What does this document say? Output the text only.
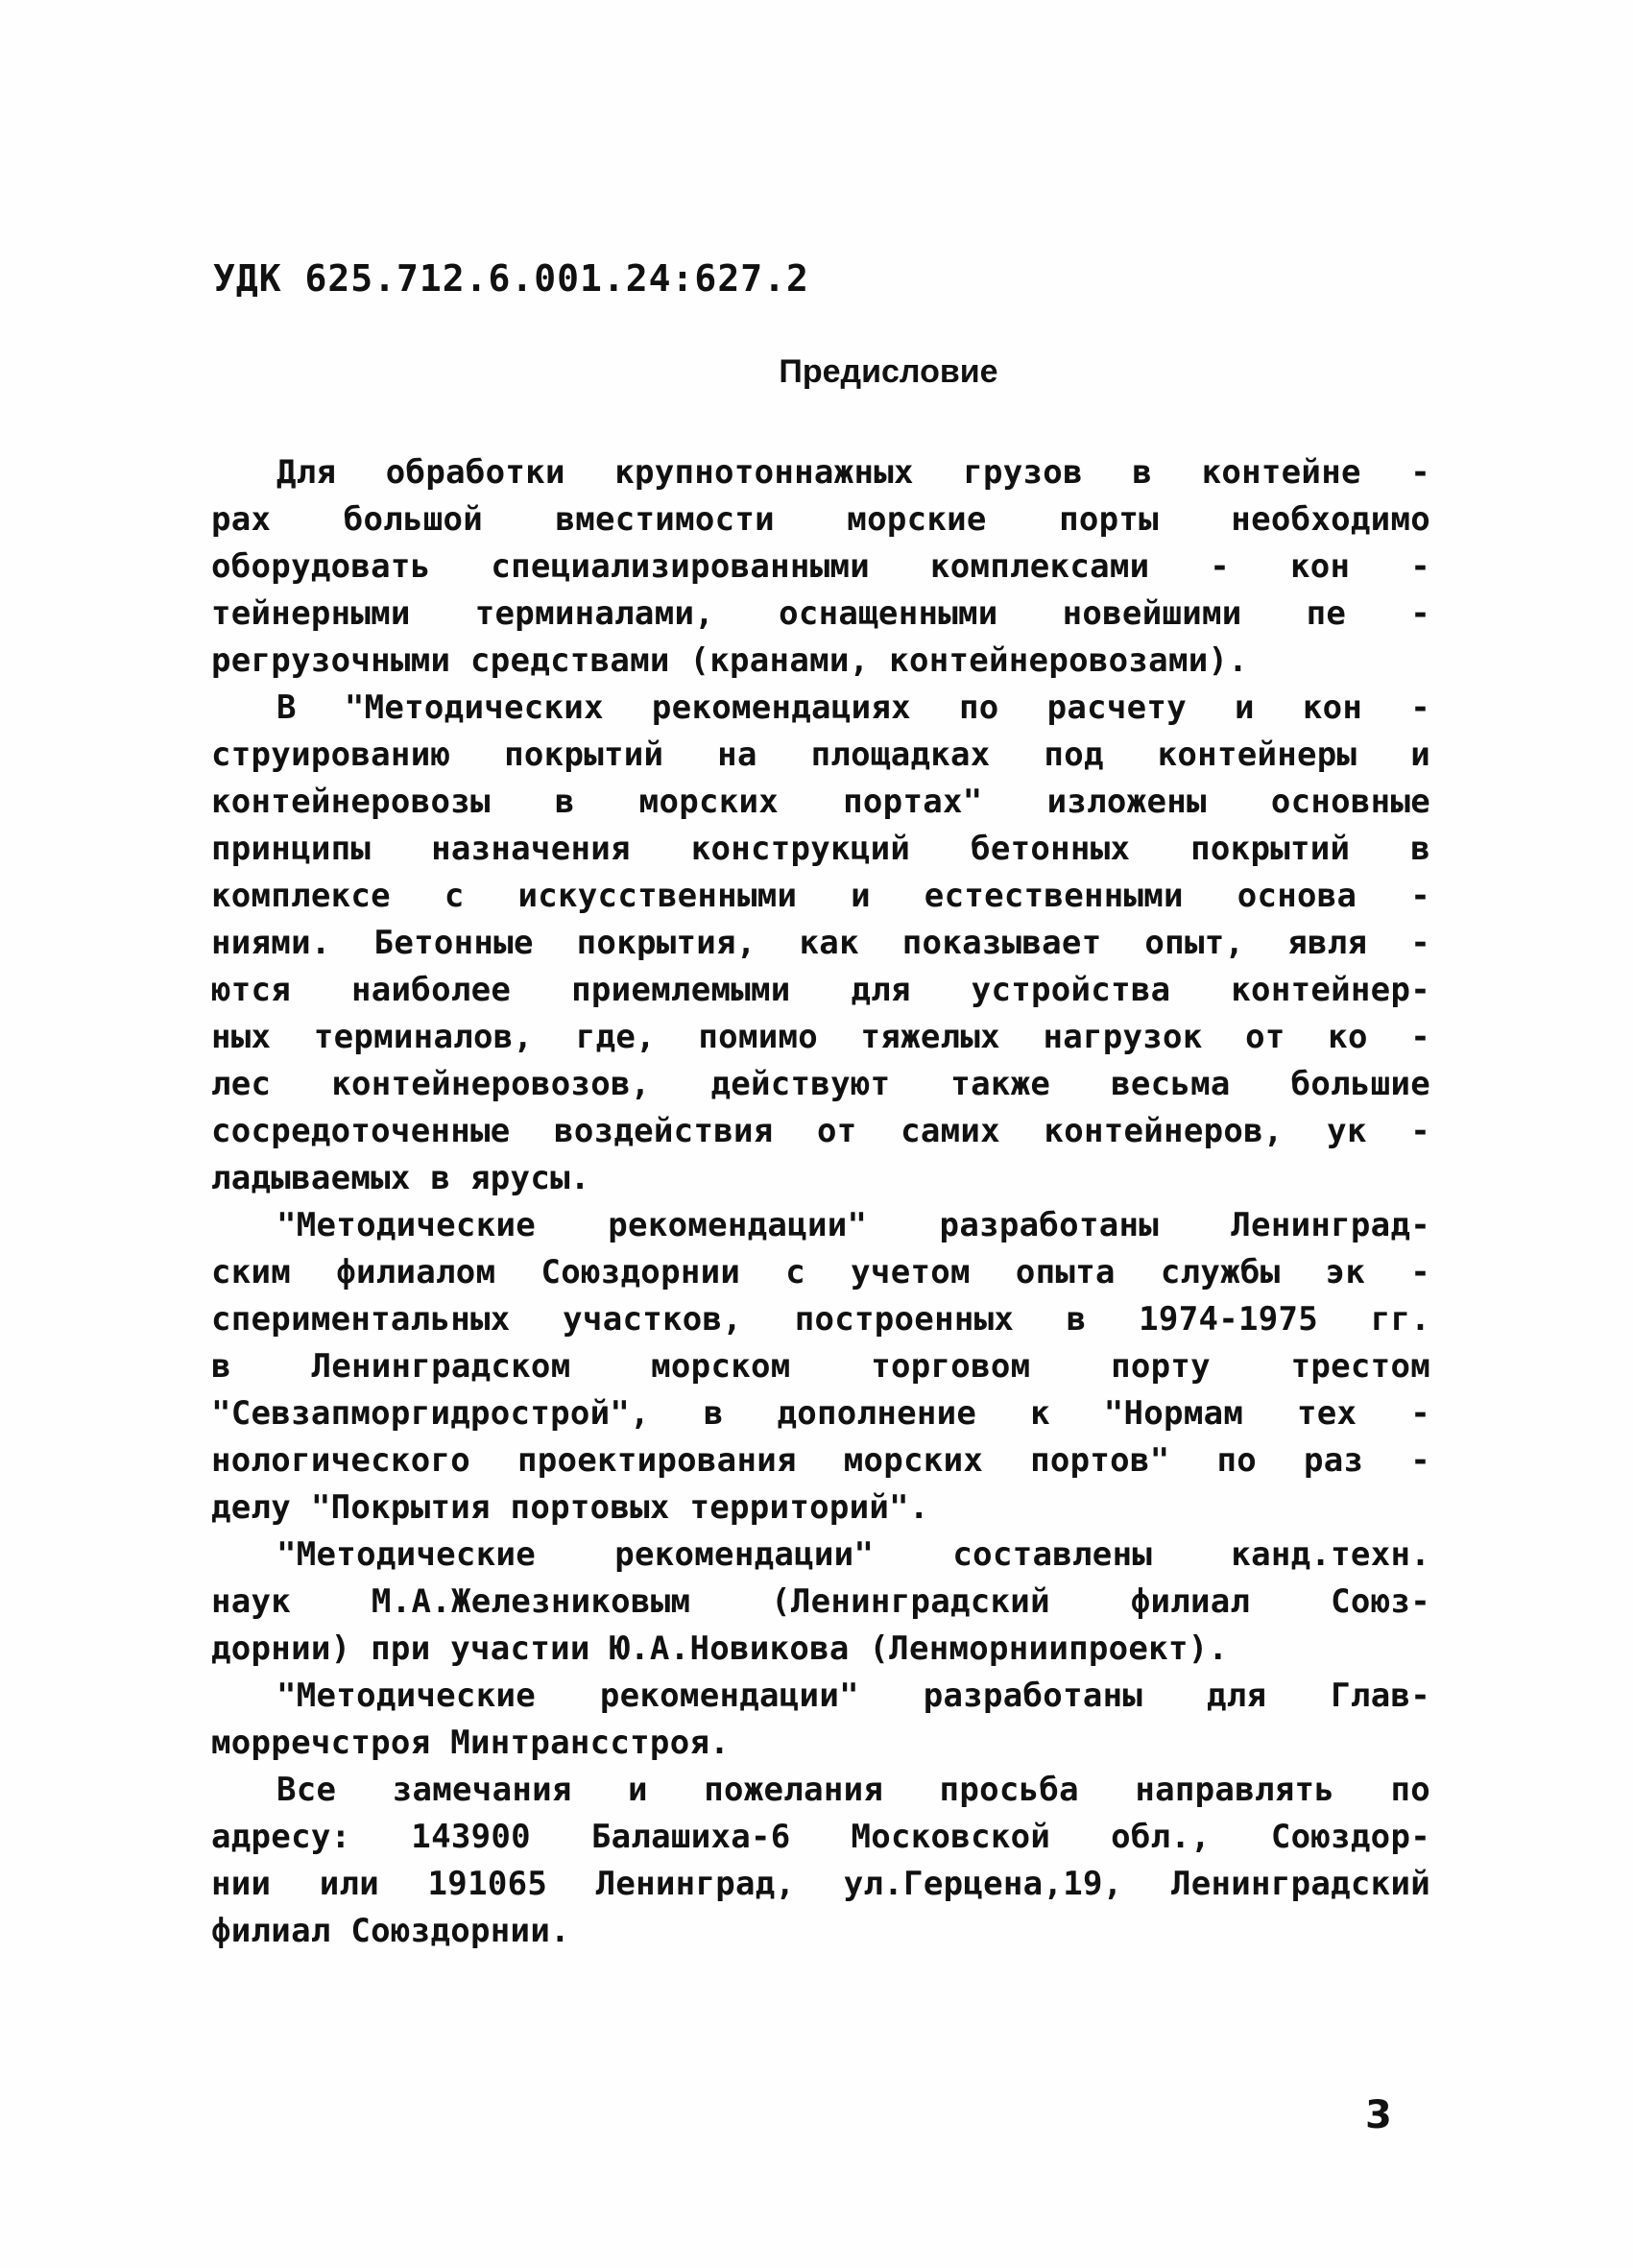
УДК 625.712.6.001.24:627.2
Предисловие
Для обработки крупнотоннажных грузов в контейне -
рах большой вместимости морские порты необходимо
оборудовать специализированными комплексами - кон -
тейнерными терминалами, оснащенными новейшими пе -
регрузочными средствами (кранами, контейнеровозами).
В "Методических рекомендациях по расчету и кон -
струированию покрытий на площадках под контейнеры и
контейнеровозы в морских портах" изложены основные
принципы назначения конструкций бетонных покрытий в
комплексе с искусственными и естественными основа -
ниями. Бетонные покрытия, как показывает опыт, явля -
ются наиболее приемлемыми для устройства контейнер-
ных терминалов, где, помимо тяжелых нагрузок от ко -
лес контейнеровозов, действуют также весьма большие
сосредоточенные воздействия от самих контейнеров, ук -
ладываемых в ярусы.
"Методические рекомендации" разработаны Ленинград-
ским филиалом Союздорнии с учетом опыта службы эк -
спериментальных участков, построенных в 1974-1975 гг.
в Ленинградском морском торговом порту трестом
"Севзапморгидрострой", в дополнение к "Нормам тех -
нологического проектирования морских портов" по раз -
делу "Покрытия портовых территорий".
"Методические рекомендации" составлены канд.техн.
наук М.А.Железниковым (Ленинградский филиал Союз-
дорнии) при участии Ю.А.Новикова (Ленморниипроект).
"Методические рекомендации" разработаны для Глав-
морречстроя Минтрансстроя.
Все замечания и пожелания просьба направлять по
адресу: 143900 Балашиха-6 Московской обл., Союздор-
нии или 191065 Ленинград, ул.Герцена,19, Ленинградский
филиал Союздорнии.
3
